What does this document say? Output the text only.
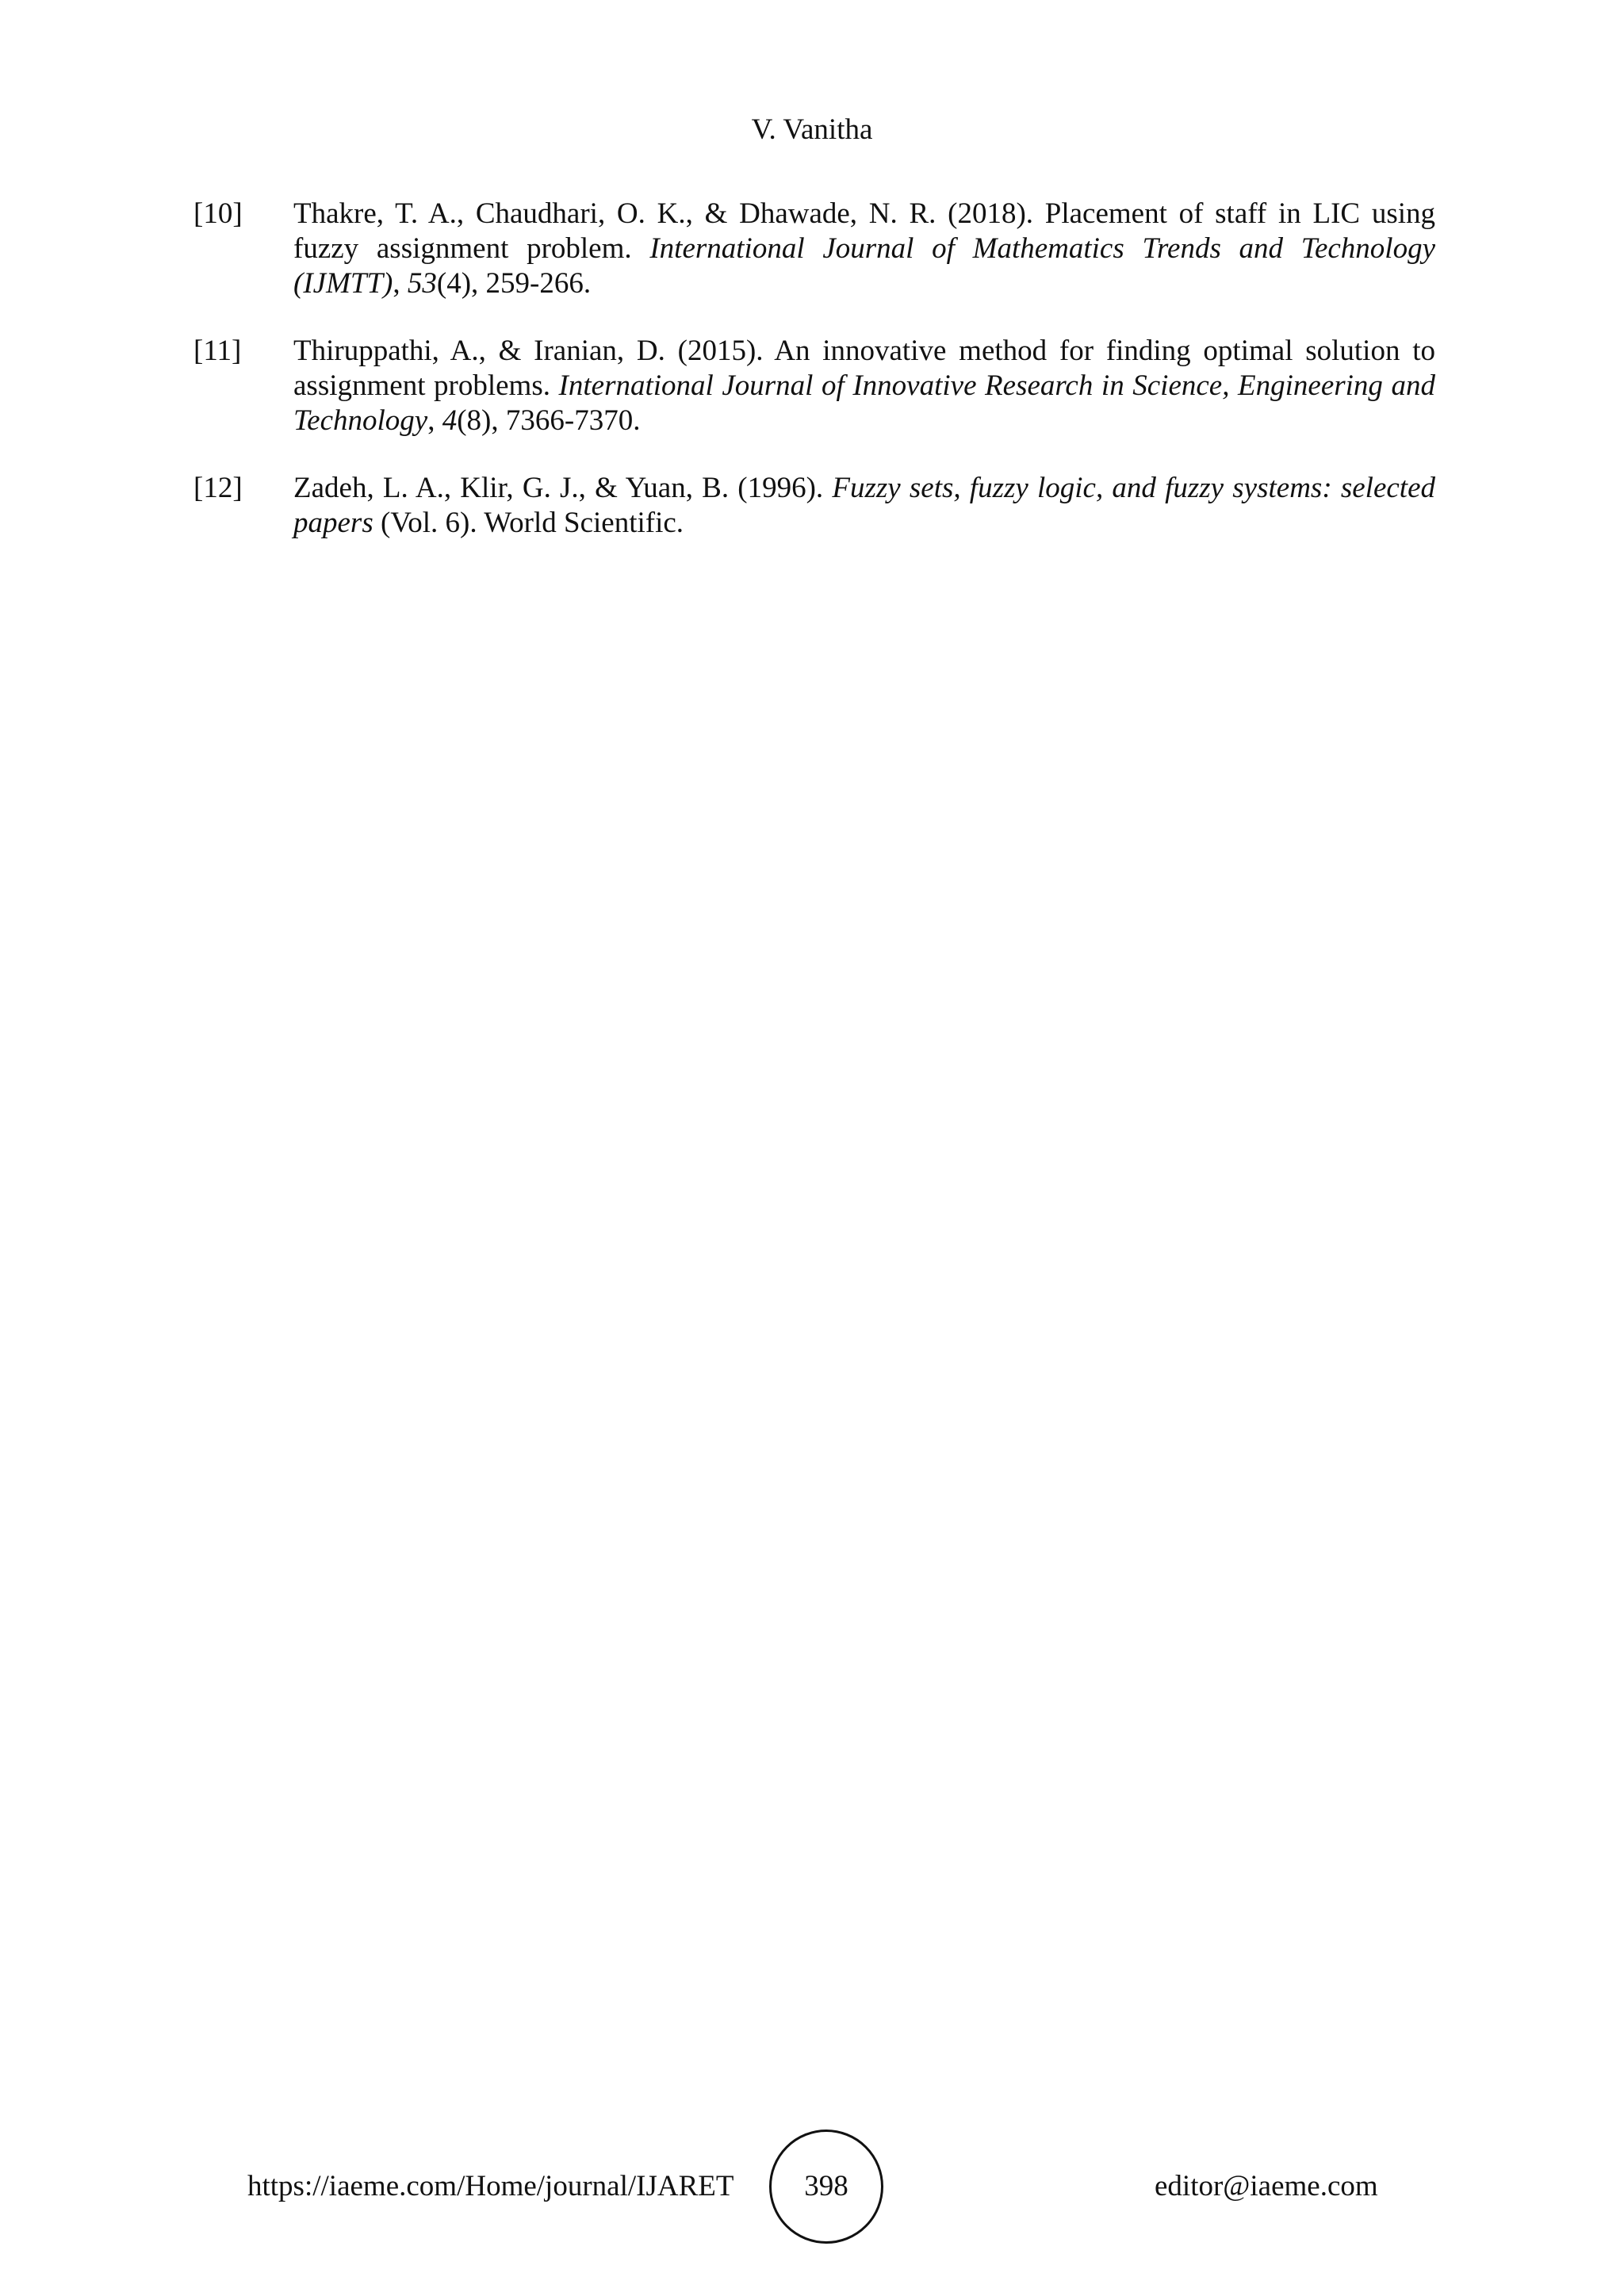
V. Vanitha
[10]	Thakre, T. A., Chaudhari, O. K., & Dhawade, N. R. (2018). Placement of staff in LIC using fuzzy assignment problem. International Journal of Mathematics Trends and Technology (IJMTT), 53(4), 259-266.
[11]	Thiruppathi, A., & Iranian, D. (2015). An innovative method for finding optimal solution to assignment problems. International Journal of Innovative Research in Science, Engineering and Technology, 4(8), 7366-7370.
[12]	Zadeh, L. A., Klir, G. J., & Yuan, B. (1996). Fuzzy sets, fuzzy logic, and fuzzy systems: selected papers (Vol. 6). World Scientific.
https://iaeme.com/Home/journal/IJARET 398	editor@iaeme.com
